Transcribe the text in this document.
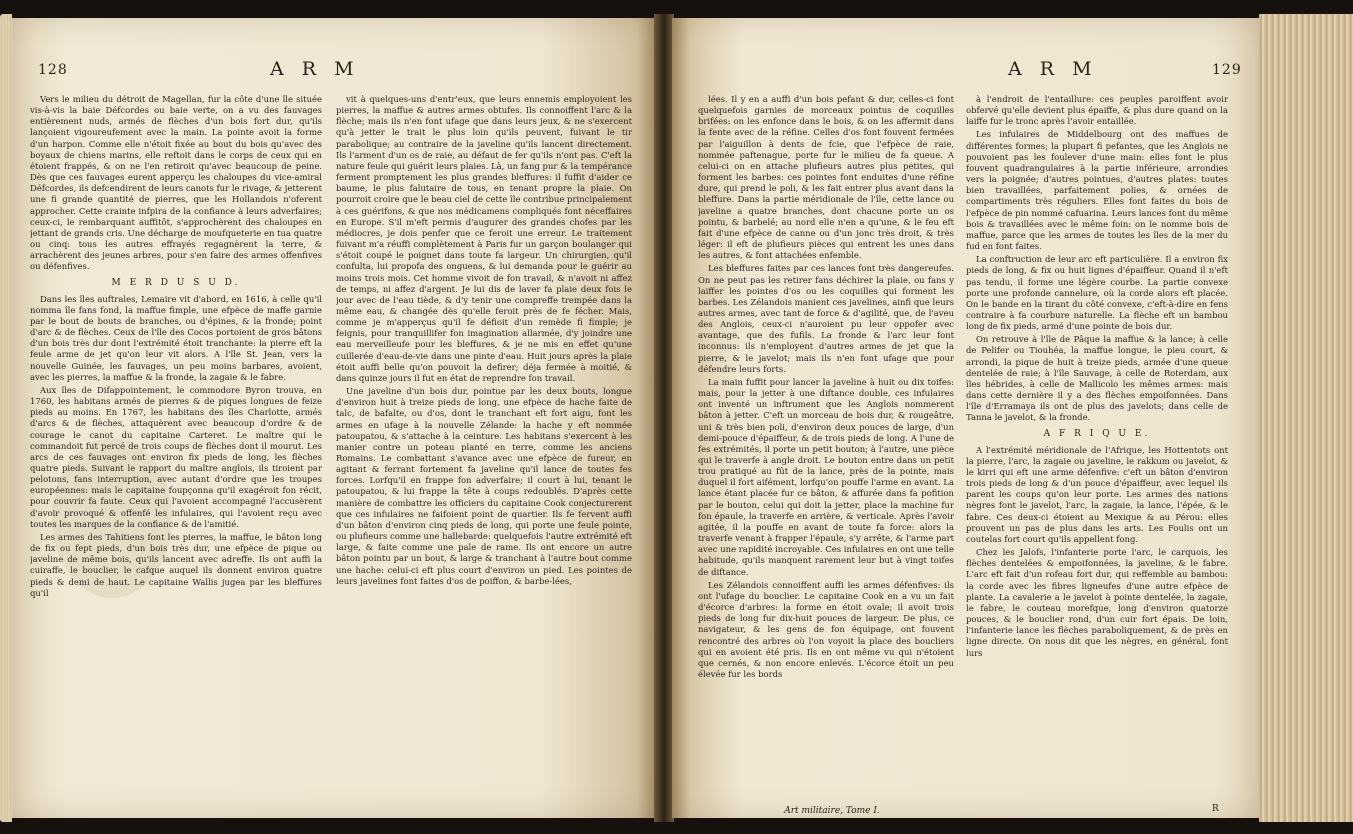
128	A R M

Vers le milieu du détroit de Magellan, fur la côte d'une île située vis-à-vis la baie Défcordes ou baie verte, on a vu des fauvages entièrement nuds, armés de flèches d'un bois fort dur, qu'ils lançoient vigoureufement avec la main. La pointe avoit la forme d'un harpon. Comme elle n'étoit fixée au bout du bois qu'avec des boyaux de chiens marins, elle reftoit dans le corps de ceux qui en étoient frappés, & on ne l'en retiroit qu'avec beaucoup de peine. Dès que ces fauvages eurent apperçu les chaloupes du vice-amiral Défcordes, ils defcendirent de leurs canots fur le rivage, & jetterent une fi grande quantité de pierres, que les Hollandois n'oferent approcher. Cette crainte infpira de la confiance à leurs adverfaires; ceux-ci, le rembarquant auffitôt, s'approchèrent des chaloupes en jettant de grands cris. Une décharge de moufqueterie en tua quatre ou cinq: tous les autres effrayés regagnèrent la terre, & arrachèrent des jeunes arbres, pour s'en faire des armes offenfives ou défenfives.

M E R D U S U D.

Dans les îles auftrales, Lemaire vit d'abord, en 1616, à celle qu'il nomma île fans fond, la maffue fimple, une efpèce de maffe garnie par le bout de bouts de branches, ou d'épines, & la fronde; point d'arc & de flèches. Ceux de l'île des Cocos portoient de gros bâtons d'un bois très dur dont l'extrémité étoit tranchante: la pierre eft la feule arme de jet qu'on leur vit alors. A l'île St. Jean, vers la nouvelle Guinée, les fauvages, un peu moins barbares, avoient, avec les pierres, la maffue & la fronde, la zagaie & le fabre.

Aux îles de Difappointement, le commodore Byron trouva, en 1760, les habitans armés de pierres & de piques longues de feize pieds au moins. En 1767, les habitans des îles Charlotte, armés d'arcs & de flèches, attaquèrent avec beaucoup d'ordre & de courage le canot du capitaine Carteret. Le maître qui le commandoit fut percé de trois coups de flèches dont il mourut. Les arcs de ces fauvages ont environ fix pieds de long, les flèches quatre pieds. Suivant le rapport du maître anglois, ils tiroient par pelotons, fans interruption, avec autant d'ordre que les troupes européennes: mais le capitaine foupçonna qu'il exagéroit fon récit, pour couvrir fa faute. Ceux qui l'avoient accompagné l'accusèrent d'avoir provoqué & offenfé les infulaires, qui l'avoient reçu avec toutes les marques de la confiance & de l'amitié.

Les armes des Tahitiens font les pierres, la maffue, le bâton long de fix ou fept pieds, d'un bois très dur, une efpèce de pique ou javeline de même bois, qu'ils lancent avec adreffe. Ils ont auffi la cuiraffe, le bouclier, le cafque auquel ils donnent environ quatre pieds & demi de haut. Le capitaine Wallis jugea par les bleffures qu'il

vit à quelques-uns d'entr'eux, que leurs ennemis employoient les pierres, la maffue & autres armes obtufes. Ils connoiffent l'arc & la flèche; mais ils n'en font ufage que dans leurs jeux, & ne s'exercent qu'à jetter le trait le plus loin qu'ils peuvent, fuivant le tir parabolique; au contraire de la javeline qu'ils lancent directement. Ils l'arment d'un os de raie, au défaut de fer qu'ils n'ont pas. C'eft la nature feule qui guérit leurs plaies. Là, un fang pur & la tempérance ferment promptement les plus grandes bleffures: il fuffit d'aider ce baume, le plus falutaire de tous, en tenant propre la plaie. On pourroit croire que le beau ciel de cette île contribue principalement à ces guérifons, & que nos médicamens compliqués font néceffaires en Europe. S'il m'eft permis d'augurer des grandes chofes par les médiocres, je dois penfer que ce feroit une erreur. Le traitement fuivant m'a réuffi complètement à Paris fur un garçon boulanger qui s'étoit coupé le poignet dans toute fa largeur. Un chirurgien, qu'il confulta, lui propofa des onguens, & lui demanda pour le guérir au moins trois mois. Cet homme vivoit de fon travail, & n'avoit ni affez de temps, ni affez d'argent. Je lui dis de laver fa plaie deux fois le jour avec de l'eau tiède, & d'y tenir une compreffe trempée dans la même eau, & changée dès qu'elle feroit près de fe fécher. Mais, comme je m'apperçus qu'il fe défioit d'un remède fi fimple; je feignis, pour tranquillifer fon imagination allarmée, d'y joindre une eau merveilleufe pour les bleffures, & je ne mis en effet qu'une cuillerée d'eau-de-vie dans une pinte d'eau. Huit jours après la plaie étoit auffi belle qu'on pouvoit la defirer; déja fermée à moitié, & dans quinze jours il fut en état de reprendre fon travail.

Une javeline d'un bois dur, pointue par les deux bouts, longue d'environ huit à treize pieds de long, une efpèce de hache faite de talc, de bafalte, ou d'os, dont le tranchant eft fort aigu, font les armes en ufage à la nouvelle Zélande: la hache y eft nommée patoupatou, & s'attache à la ceinture. Les habitans s'exercent à les manier contre un poteau planté en terre, comme les anciens Romains. Le combattant s'avance avec une efpèce de fureur, en agitant & ferrant fortement fa javeline qu'il lance de toutes fes forces. Lorfqu'il en frappe fon adverfaire; il court à lui, tenant le patoupatou, & lui frappe la tête à coups redoublés. D'après cette manière de combattre les officiers du capitaine Cook conjecturerent que ces infulaires ne faifoient point de quartier. Ils fe fervent auffi d'un bâton d'environ cinq pieds de long, qui porte une feule pointe, ou plufieurs comme une hallebarde: quelquefois l'autre extrémité eft large, & faite comme une pale de rame. Ils ont encore un autre bâton pointu par un bout, & large & tranchant à l'autre bout comme une hache: celui-ci eft plus court d'environ un pied. Les pointes de leurs javelines font faites d'os de poiffon, & barbe-lées,

A R M	129

lées. Il y en a auffi d'un bois pefant & dur, celles-ci font quelquefois garnies de morceaux pointus de coquilles brifées: on les enfonce dans le bois, & on les affermit dans la fente avec de la réfine. Celles d'os font fouvent fermées par l'aiguillon à dents de fcie, que l'efpèce de raie, nommée paftenague, porte fur le milieu de fa queue. A celui-ci on en attache plufieurs autres plus petites, qui forment les barbes: ces pointes font enduites d'une réfine dure, qui prend le poli, & les fait entrer plus avant dans la bleffure. Dans la partie méridionale de l'île, cette lance ou javeline a quatre branches, dont chacune porte un os pointu, & barbelé; au nord elle n'en a qu'une, & le feu eft fait d'une efpèce de canne ou d'un jonc très droit, & très léger: il eft de plufieurs pièces qui entrent les unes dans les autres, & font attachées enfemble.

Les bleffures faites par ces lances font très dangereufes. On ne peut pas les retirer fans déchirer la plaie, ou fans y laiffer les pointes d'os ou les coquilles qui forment les barbes. Les Zélandois manient ces javelines, ainfi que leurs autres armes, avec tant de force & d'agilité, que, de l'aveu des Anglois, ceux-ci n'auroient pu leur oppofer avec avantage, que des fufils. La fronde & l'arc leur font inconnus: ils n'employent d'autres armes de jet que la pierre, & le javelot; mais ils n'en font ufage que pour défendre leurs forts.

La main fuffit pour lancer la javeline à huit ou dix toifes: mais, pour la jetter à une diftance double, ces infulaires ont inventé un inftrument que les Anglois nommerent bâton à jetter. C'eft un morceau de bois dur, & rougeâtre, uni & très bien poli, d'environ deux pouces de large, d'un demi-pouce d'épaiffeur, & de trois pieds de long. A l'une de fes extrémités, il porte un petit bouton; à l'autre, une pièce qui le traverfe à angle droit. Le bouton entre dans un petit trou pratiqué au fût de la lance, près de la pointe, mais duquel il fort aifément, lorfqu'on pouffe l'arme en avant. La lance étant placée fur ce bâton, & affurée dans fa pofition par le bouton, celui qui doit la jetter, place la machine fur fon épaule, la traverfe en arrière, & verticale. Après l'avoir agitée, il la pouffe en avant de toute fa force: alors la traverfe venant à frapper l'épaule, s'y arrête, & l'arme part avec une rapidité incroyable. Ces infulaires en ont une telle habitude, qu'ils manquent rarement leur but à vingt toifes de diftance.

Les Zélandois connoiffent auffi les armes défenfives: ils ont l'ufage du bouclier. Le capitaine Cook en a vu un fait d'écorce d'arbres: la forme en étoit ovale; il avoit trois pieds de long fur dix-huit pouces de largeur. De plus, ce navigateur, & les gens de fon équipage, ont fouvent rencontré des arbres où l'on voyoit la place des boucliers qui en avoient été pris. Ils en ont même vu qui n'étoient que cernés, & non encore enlevés. L'écorce étoit un peu élevée fur les bords

Art militaire, Tome I.

à l'endroit de l'entaillure: ces peuples paroiffent avoir obfervé qu'elle devient plus épaiffe, & plus dure quand on la laiffe fur le tronc après l'avoir entaillée.

Les infulaires de Middelbourg ont des maffues de différentes formes; la plupart fi pefantes, que les Anglois ne pouvoient pas les foulever d'une main: elles font le plus fouvent quadrangulaires à la partie inférieure, arrondies vers la poignée; d'autres pointues, d'autres plates: toutes bien travaillées, parfaitement polies, & ornées de compartiments très réguliers. Elles font faites du bois de l'efpèce de pin nommé cafuarina. Leurs lances font du même bois & travaillées avec le même foin: on le nomme bois de maffue, parce que les armes de toutes les îles de la mer du fud en font faites.

La conftruction de leur arc eft particulière. Il a environ fix pieds de long, & fix ou huit lignes d'épaiffeur. Quand il n'eft pas tendu, il forme une légère courbe. La partie convexe porte une profonde cannelure, où la corde alors eft placée. On le bande en la tirant du côté convexe, c'eft-à-dire en fens contraire à fa courbure naturelle. La flèche eft un bambou long de fix pieds, armé d'une pointe de bois dur.

On retrouve à l'île de Pâque la maffue & la lance; à celle de Pelifer ou Tiouhéa, la maffue longue, le pieu court, & arrondi, la pique de huit à treize pieds, armée d'une queue dentelée de raie; à l'île Sauvage, à celle de Roterdam, aux îles hébrides, à celle de Mallicolo les mêmes armes: mais dans cette dernière il y a des flèches empoifonnées. Dans l'île d'Erramaya ils ont de plus des javelots; dans celle de Tanna le javelot, & la fronde.

A F R I Q U E.

A l'extrémité méridionale de l'Afrique, les Hottentots ont la pierre, l'arc, la zagaie ou javeline, le rakkum ou javelot, & le kirri qui eft une arme défenfive: c'eft un bâton d'environ trois pieds de long & d'un pouce d'épaiffeur, avec lequel ils parent les coups qu'on leur porte. Les armes des nations nègres font le javelot, l'arc, la zagaie, la lance, l'épée, & le fabre. Ces deux-ci étoient au Mexique & au Pérou: elles prouvent un pas de plus dans les arts. Les Foulis ont un coutelas fort court qu'ils appellent fong.

Chez les Jalofs, l'infanterie porte l'arc, le carquois, les flèches dentelées & empoifonnées, la javeline, & le fabre. L'arc eft fait d'un rofeau fort dur, qui reffemble au bambou: la corde avec les fibres ligneufes d'une autre efpèce de plante. La cavalerie a le javelot à pointe dentelée, la zagaie, le fabre, le couteau morefque, long d'environ quatorze pouces, & le bouclier rond, d'un cuir fort épais. De loin, l'infanterie lance les flèches paraboliquement, & de près en ligne directe. On nous dit que les nègres, en général, font lurs

R
